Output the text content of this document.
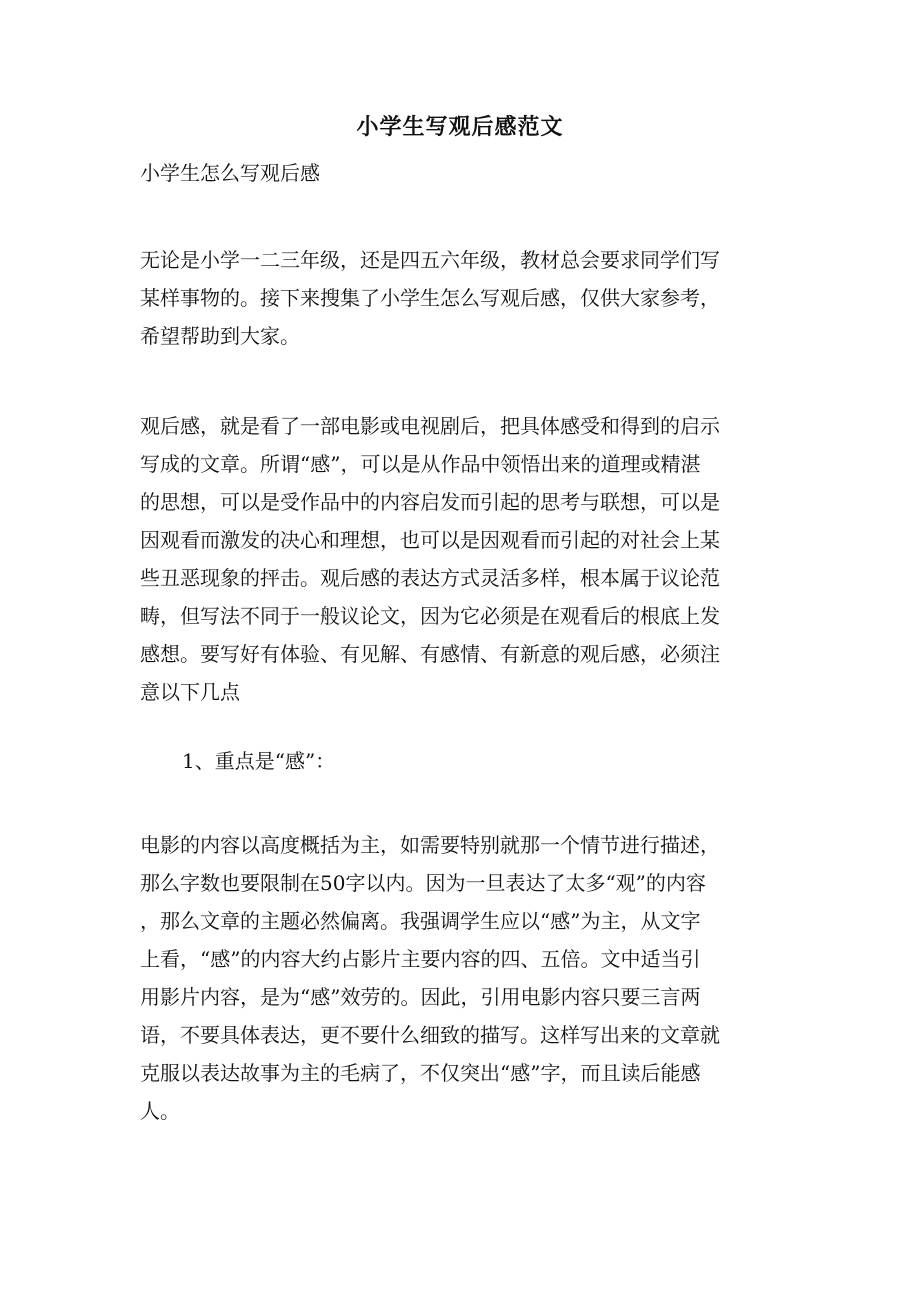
小学生写观后感范文
小学生怎么写观后感

无论是小学一二三年级，还是四五六年级，教材总会要求同学们写
某样事物的。接下来搜集了小学生怎么写观后感，仅供大家参考，
希望帮助到大家。

观后感，就是看了一部电影或电视剧后，把具体感受和得到的启示
写成的文章。所谓“感”，可以是从作品中领悟出来的道理或精湛
的思想，可以是受作品中的内容启发而引起的思考与联想，可以是
因观看而激发的决心和理想，也可以是因观看而引起的对社会上某
些丑恶现象的抨击。观后感的表达方式灵活多样，根本属于议论范
畴，但写法不同于一般议论文，因为它必须是在观看后的根底上发
感想。要写好有体验、有见解、有感情、有新意的观后感，必须注
意以下几点

1、重点是“感”：

电影的内容以高度概括为主，如需要特别就那一个情节进行描述，
那么字数也要限制在50字以内。因为一旦表达了太多“观”的内容
，那么文章的主题必然偏离。我强调学生应以“感”为主，从文字
上看，“感”的内容大约占影片主要内容的四、五倍。文中适当引
用影片内容，是为“感”效劳的。因此，引用电影内容只要三言两
语，不要具体表达，更不要什么细致的描写。这样写出来的文章就
克服以表达故事为主的毛病了，不仅突出“感”字，而且读后能感
人。
